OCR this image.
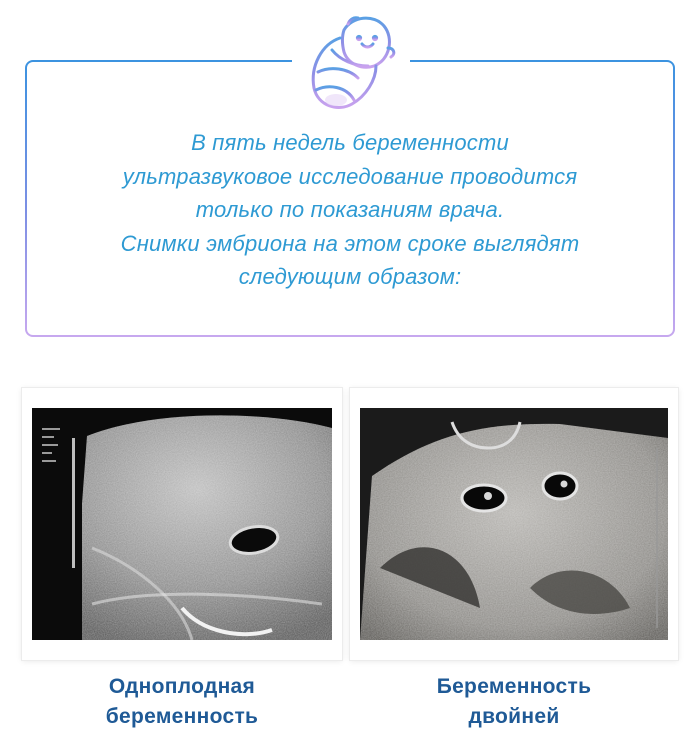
В пять недель беременности
ультразвуковое исследование проводится
только по показаниям врача.
Снимки эмбриона на этом сроке выглядят
следующим образом:
Одноплодная
беременность
Беременность
двойней
